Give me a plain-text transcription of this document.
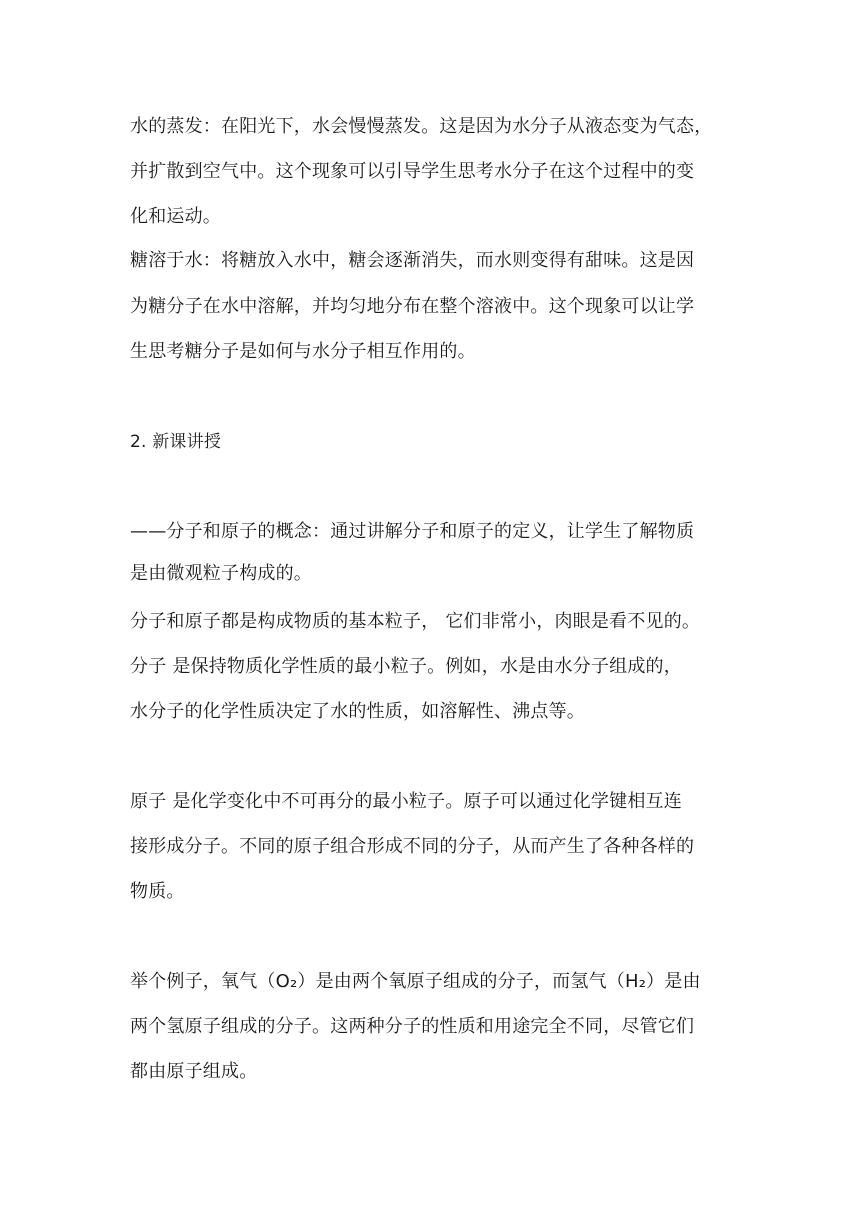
水的蒸发：在阳光下，水会慢慢蒸发。这是因为水分子从液态变为气态，
并扩散到空气中。这个现象可以引导学生思考水分子在这个过程中的变
化和运动。
糖溶于水：将糖放入水中，糖会逐渐消失，而水则变得有甜味。这是因
为糖分子在水中溶解，并均匀地分布在整个溶液中。这个现象可以让学
生思考糖分子是如何与水分子相互作用的。
2. 新课讲授
——分子和原子的概念：通过讲解分子和原子的定义，让学生了解物质
是由微观粒子构成的。
分子和原子都是构成物质的基本粒子， 它们非常小，肉眼是看不见的。
分子 是保持物质化学性质的最小粒子。例如，水是由水分子组成的，
水分子的化学性质决定了水的性质，如溶解性、沸点等。
原子 是化学变化中不可再分的最小粒子。原子可以通过化学键相互连
接形成分子。不同的原子组合形成不同的分子，从而产生了各种各样的
物质。
举个例子，氧气（O₂）是由两个氧原子组成的分子，而氢气（H₂）是由
两个氢原子组成的分子。这两种分子的性质和用途完全不同，尽管它们
都由原子组成。
